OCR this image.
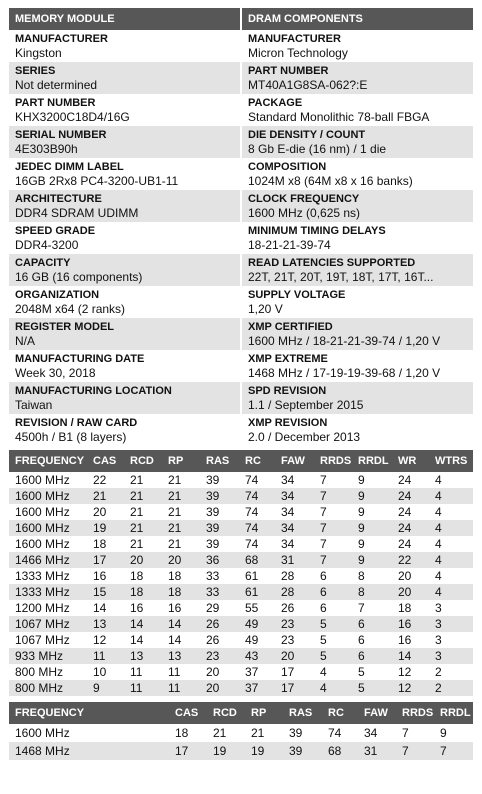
MEMORY MODULE
MANUFACTURER
Kingston
SERIES
Not determined
PART NUMBER
KHX3200C18D4/16G
SERIAL NUMBER
4E303B90h
JEDEC DIMM LABEL
16GB 2Rx8 PC4-3200-UB1-11
ARCHITECTURE
DDR4 SDRAM UDIMM
SPEED GRADE
DDR4-3200
CAPACITY
16 GB (16 components)
ORGANIZATION
2048M x64 (2 ranks)
REGISTER MODEL
N/A
MANUFACTURING DATE
Week 30, 2018
MANUFACTURING LOCATION
Taiwan
REVISION / RAW CARD
4500h / B1 (8 layers)
DRAM COMPONENTS
MANUFACTURER
Micron Technology
PART NUMBER
MT40A1G8SA-062?:E
PACKAGE
Standard Monolithic 78-ball FBGA
DIE DENSITY / COUNT
8 Gb E-die (16 nm) / 1 die
COMPOSITION
1024M x8 (64M x8 x 16 banks)
CLOCK FREQUENCY
1600 MHz (0,625 ns)
MINIMUM TIMING DELAYS
18-21-21-39-74
READ LATENCIES SUPPORTED
22T, 21T, 20T, 19T, 18T, 17T, 16T...
SUPPLY VOLTAGE
1,20 V
XMP CERTIFIED
1600 MHz / 18-21-21-39-74 / 1,20 V
XMP EXTREME
1468 MHz / 17-19-19-39-68 / 1,20 V
SPD REVISION
1.1 / September 2015
XMP REVISION
2.0 / December 2013
FREQUENCY	CAS	RCD	RP	RAS	RC	FAW	RRDS	RRDL	WR	WTRS
1600 MHz	22	21	21	39	74	34	7	9	24	4
1600 MHz	21	21	21	39	74	34	7	9	24	4
1600 MHz	20	21	21	39	74	34	7	9	24	4
1600 MHz	19	21	21	39	74	34	7	9	24	4
1600 MHz	18	21	21	39	74	34	7	9	24	4
1466 MHz	17	20	20	36	68	31	7	9	22	4
1333 MHz	16	18	18	33	61	28	6	8	20	4
1333 MHz	15	18	18	33	61	28	6	8	20	4
1200 MHz	14	16	16	29	55	26	6	7	18	3
1067 MHz	13	14	14	26	49	23	5	6	16	3
1067 MHz	12	14	14	26	49	23	5	6	16	3
933 MHz	11	13	13	23	43	20	5	6	14	3
800 MHz	10	11	11	20	37	17	4	5	12	2
800 MHz	9	11	11	20	37	17	4	5	12	2
FREQUENCY	CAS	RCD	RP	RAS	RC	FAW	RRDS	RRDL
1600 MHz	18	21	21	39	74	34	7	9
1468 MHz	17	19	19	39	68	31	7	7
